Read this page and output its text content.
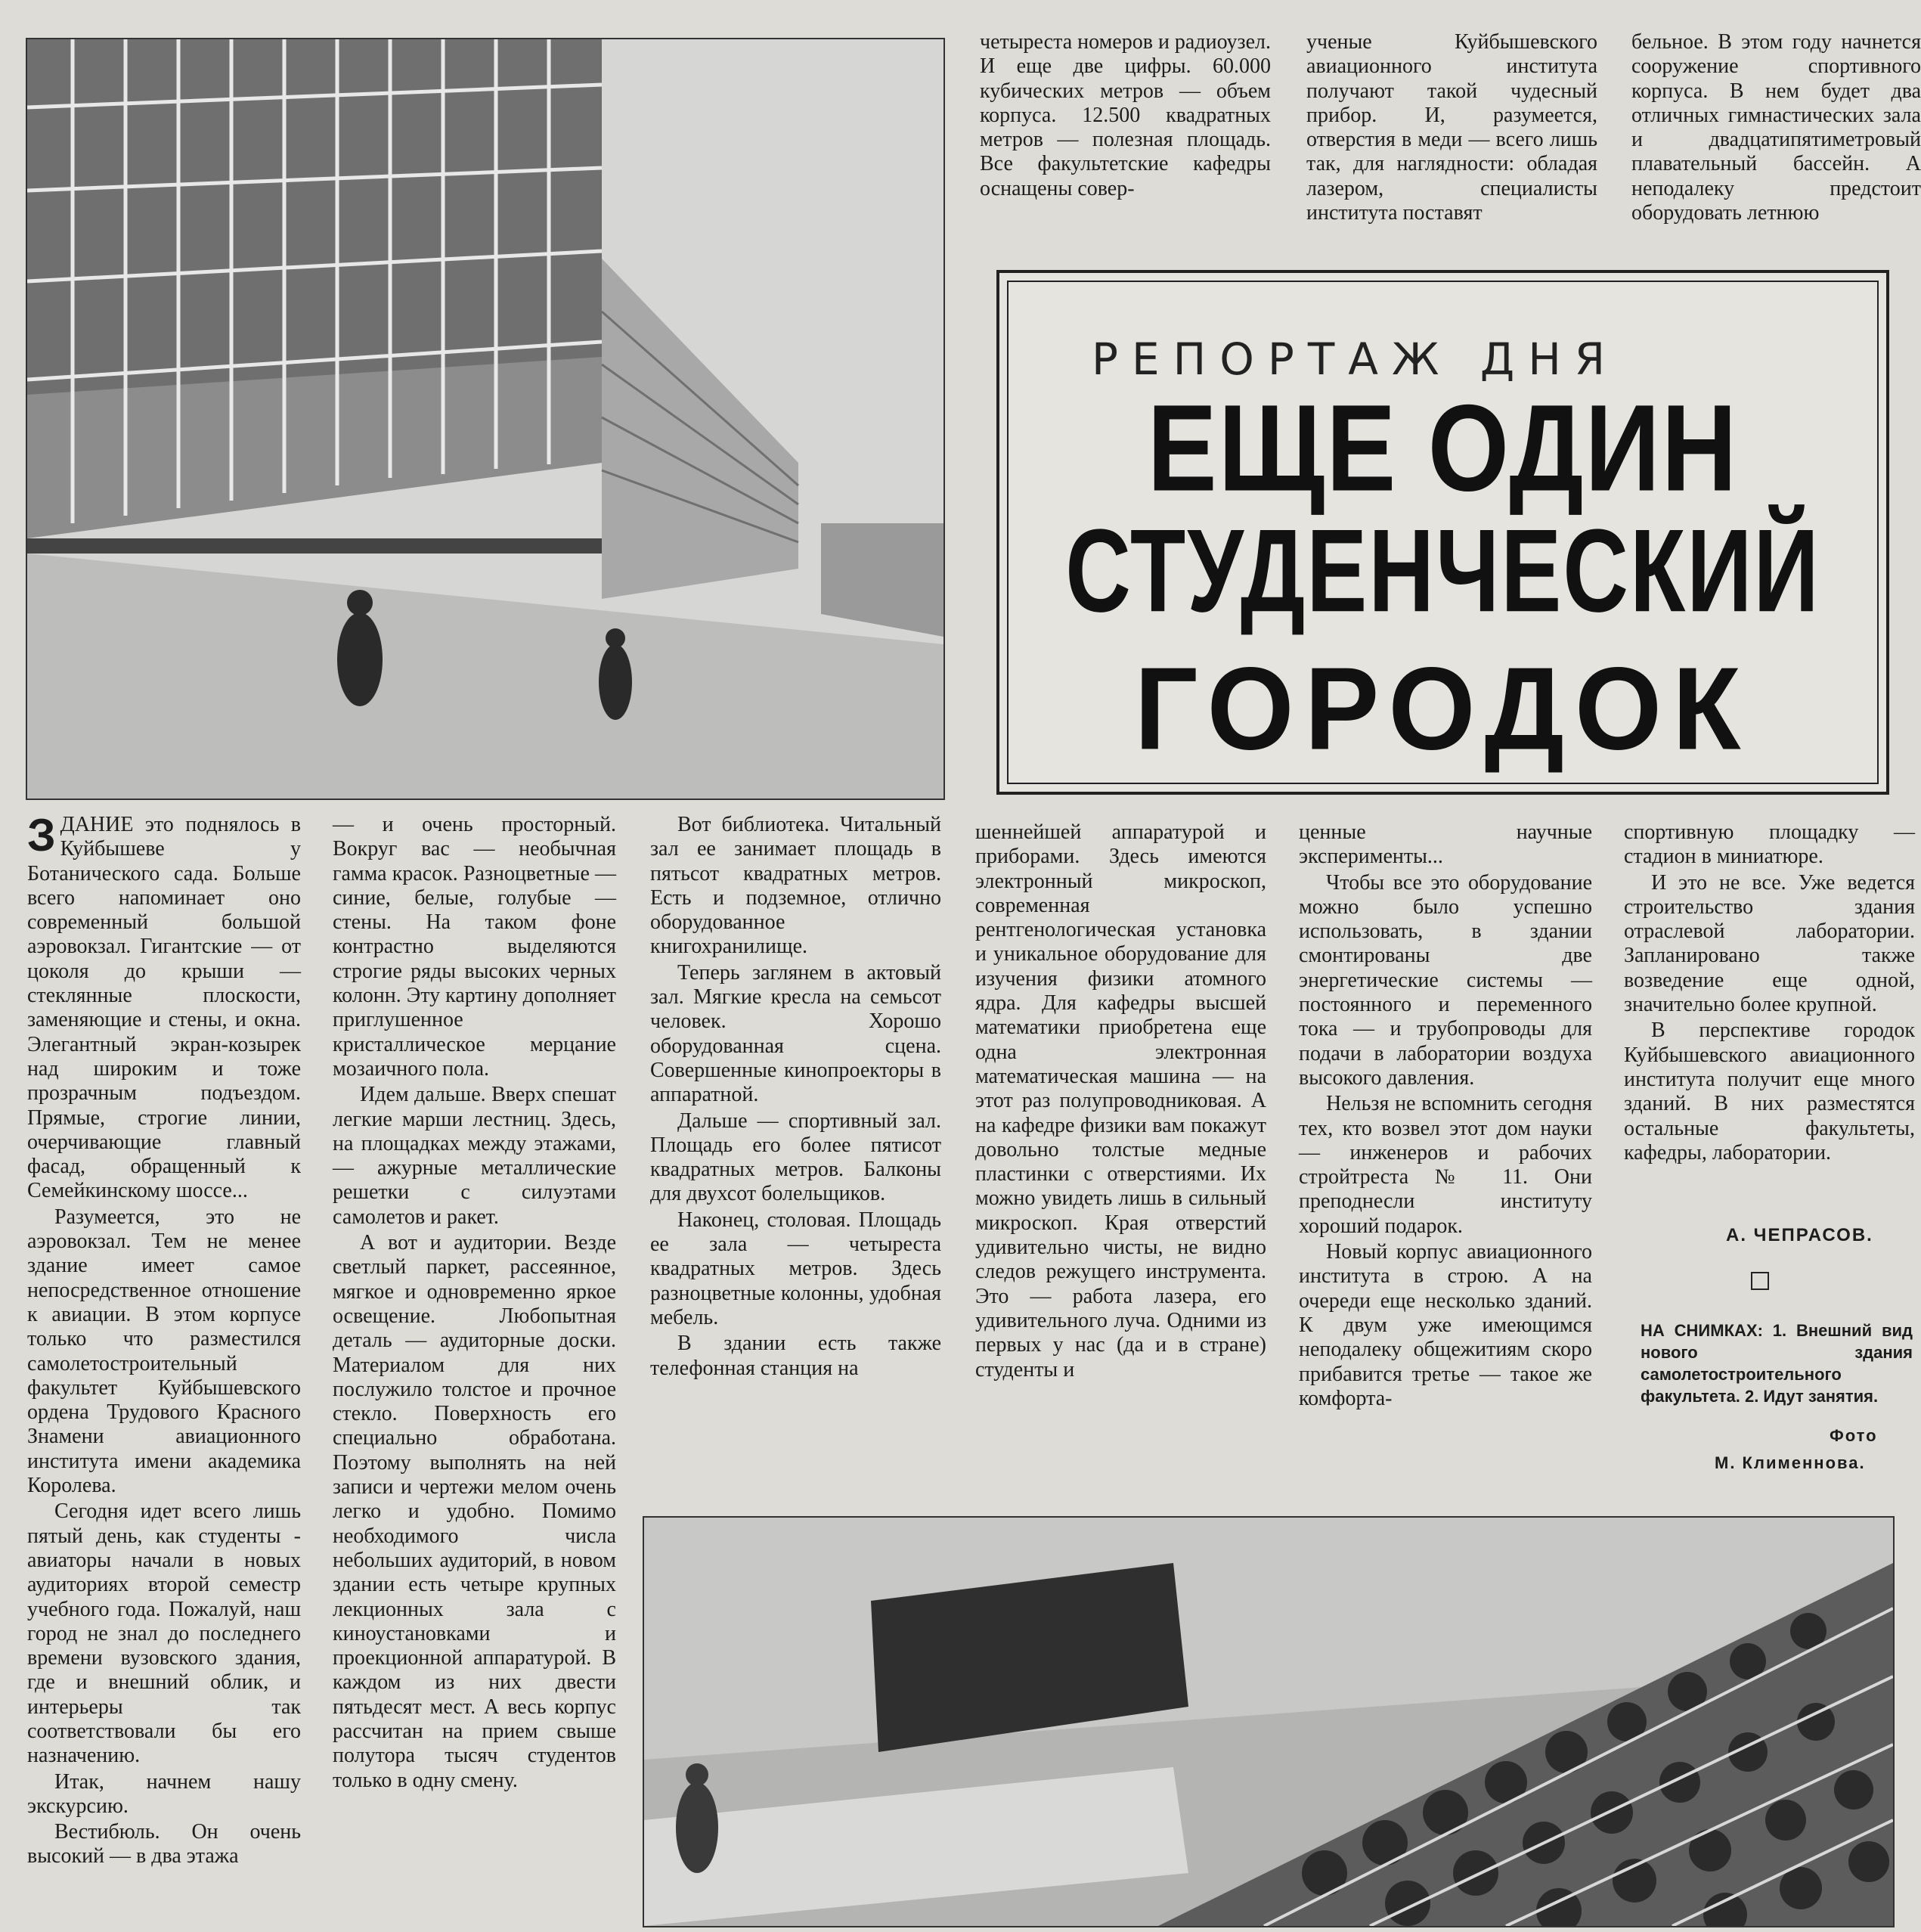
четыреста номеров и радиоузел. И еще две цифры. 60.000 кубических метров — объем корпуса. 12.500 квадратных метров — полезная площадь. Все факультетские кафедры оснащены совер-

ученые Куйбышевского авиационного института получают такой чудесный прибор. И, разумеется, отверстия в меди — всего лишь так, для наглядности: обладая лазером, специалисты института поставят

бельное. В этом году начнется сооружение спортивного корпуса. В нем будет два отличных гимнастических зала и двадцатипятиметровый плавательный бассейн. А неподалеку предстоит оборудовать летнюю

РЕПОРТАЖ ДНЯ
ЕЩЕ ОДИН
СТУДЕНЧЕСКИЙ
ГОРОДОК

ЗДАНИЕ это поднялось в Куйбышеве у Ботанического сада. Больше всего напоминает оно современный большой аэровокзал. Гигантские — от цоколя до крыши — стеклянные плоскости, заменяющие и стены, и окна. Элегантный экран-козырек над широким и тоже прозрачным подъездом. Прямые, строгие линии, очерчивающие главный фасад, обращенный к Семейкинскому шоссе...

Разумеется, это не аэровокзал. Тем не менее здание имеет самое непосредственное отношение к авиации. В этом корпусе только что разместился самолетостроительный факультет Куйбышевского ордена Трудового Красного Знамени авиационного института имени академика Королева.

Сегодня идет всего лишь пятый день, как студенты - авиаторы начали в новых аудиториях второй семестр учебного года. Пожалуй, наш город не знал до последнего времени вузовского здания, где и внешний облик, и интерьеры так соответствовали бы его назначению.

Итак, начнем нашу экскурсию.

Вестибюль. Он очень высокий — в два этажа

— и очень просторный. Вокруг вас — необычная гамма красок. Разноцветные — синие, белые, голубые — стены. На таком фоне контрастно выделяются строгие ряды высоких черных колонн. Эту картину дополняет приглушенное кристаллическое мерцание мозаичного пола.

Идем дальше. Вверх спешат легкие марши лестниц. Здесь, на площадках между этажами, — ажурные металлические решетки с силуэтами самолетов и ракет.

А вот и аудитории. Везде светлый паркет, рассеянное, мягкое и одновременно яркое освещение. Любопытная деталь — аудиторные доски. Материалом для них послужило толстое и прочное стекло. Поверхность его специально обработана. Поэтому выполнять на ней записи и чертежи мелом очень легко и удобно. Помимо необходимого числа небольших аудиторий, в новом здании есть четыре крупных лекционных зала с киноустановками и проекционной аппаратурой. В каждом из них двести пятьдесят мест. А весь корпус рассчитан на прием свыше полутора тысяч студентов только в одну смену.

Вот библиотека. Читальный зал ее занимает площадь в пятьсот квадратных метров. Есть и подземное, отлично оборудованное книгохранилище.

Теперь заглянем в актовый зал. Мягкие кресла на семьсот человек. Хорошо оборудованная сцена. Совершенные кинопроекторы в аппаратной.

Дальше — спортивный зал. Площадь его более пятисот квадратных метров. Балконы для двухсот болельщиков.

Наконец, столовая. Площадь ее зала — четыреста квадратных метров. Здесь разноцветные колонны, удобная мебель.

В здании есть также телефонная станция на

шеннейшей аппаратурой и приборами. Здесь имеются электронный микроскоп, современная рентгенологическая установка и уникальное оборудование для изучения физики атомного ядра. Для кафедры высшей математики приобретена еще одна электронная математическая машина — на этот раз полупроводниковая. А на кафедре физики вам покажут довольно толстые медные пластинки с отверстиями. Их можно увидеть лишь в сильный микроскоп. Края отверстий удивительно чисты, не видно следов режущего инструмента. Это — работа лазера, его удивительного луча. Одними из первых у нас (да и в стране) студенты и

ценные научные эксперименты...

Чтобы все это оборудование можно было успешно использовать, в здании смонтированы две энергетические системы — постоянного и переменного тока — и трубопроводы для подачи в лаборатории воздуха высокого давления.

Нельзя не вспомнить сегодня тех, кто возвел этот дом науки — инженеров и рабочих стройтреста № 11. Они преподнесли институту хороший подарок.

Новый корпус авиационного института в строю. А на очереди еще несколько зданий. К двум уже имеющимся неподалеку общежитиям скоро прибавится третье — такое же комфорта-

спортивную площадку — стадион в миниатюре.

И это не все. Уже ведется строительство здания отраслевой лаборатории. Запланировано также возведение еще одной, значительно более крупной.

В перспективе городок Куйбышевского авиационного института получит еще много зданий. В них разместятся остальные факультеты, кафедры, лаборатории.

А. ЧЕПРАСОВ.
НА СНИМКАХ: 1. Внешний вид нового здания самолетостроительного факультета. 2. Идут занятия.
Фото
М. Клименнова.
